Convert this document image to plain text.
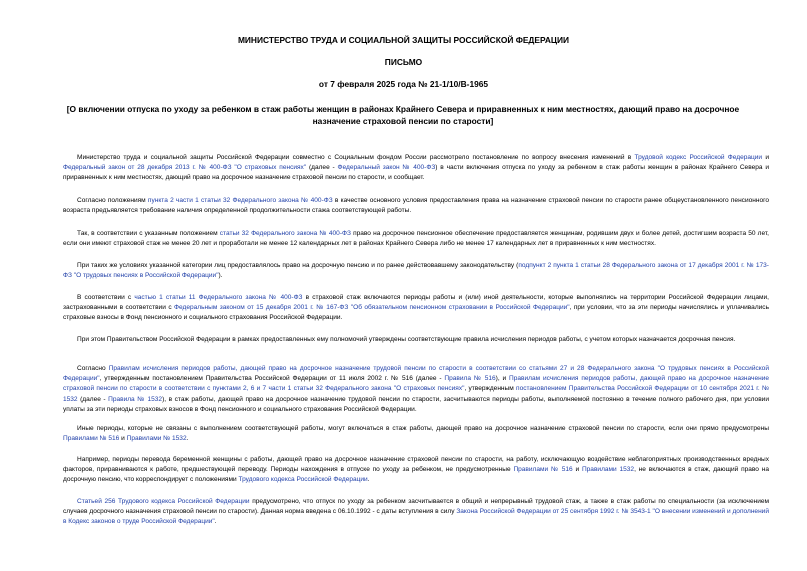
МИНИСТЕРСТВО ТРУДА И СОЦИАЛЬНОЙ ЗАЩИТЫ РОССИЙСКОЙ ФЕДЕРАЦИИ
ПИСЬМО
от 7 февраля 2025 года № 21-1/10/В-1965
[О включении отпуска по уходу за ребенком в стаж работы женщин в районах Крайнего Севера и приравненных к ним местностях, дающий право на досрочное назначение страховой пенсии по старости]

Министерство труда и социальной защиты Российской Федерации совместно с Социальным фондом России рассмотрело постановление по вопросу внесения изменений в Трудовой кодекс Российской Федерации и Федеральный закон от 28 декабря 2013 г. № 400-ФЗ "О страховых пенсиях" (далее - Федеральный закон № 400-ФЗ) в части включения отпуска по уходу за ребенком в стаж работы женщин в районах Крайнего Севера и приравненных к ним местностях, дающий право на досрочное назначение страховой пенсии по старости, и сообщает.

Согласно положениям пункта 2 части 1 статьи 32 Федерального закона № 400-ФЗ в качестве основного условия предоставления права на назначение страховой пенсии по старости ранее общеустановленного пенсионного возраста предъявляется требование наличия определенной продолжительности стажа соответствующей работы.

Так, в соответствии с указанным положением статьи 32 Федерального закона № 400-ФЗ право на досрочное пенсионное обеспечение предоставляется женщинам, родившим двух и более детей, достигшим возраста 50 лет, если они имеют страховой стаж не менее 20 лет и проработали не менее 12 календарных лет в районах Крайнего Севера либо не менее 17 календарных лет в приравненных к ним местностях.

При таких же условиях указанной категории лиц предоставлялось право на досрочную пенсию и по ранее действовавшему законодательству (подпункт 2 пункта 1 статьи 28 Федерального закона от 17 декабря 2001 г. № 173-ФЗ "О трудовых пенсиях в Российской Федерации").

В соответствии с частью 1 статьи 11 Федерального закона № 400-ФЗ в страховой стаж включаются периоды работы и (или) иной деятельности, которые выполнялись на территории Российской Федерации лицами, застрахованными в соответствии с Федеральным законом от 15 декабря 2001 г. № 167-ФЗ "Об обязательном пенсионном страховании в Российской Федерации", при условии, что за эти периоды начислялись и уплачивались страховые взносы в Фонд пенсионного и социального страхования Российской Федерации.

При этом Правительством Российской Федерации в рамках предоставленных ему полномочий утверждены соответствующие правила исчисления периодов работы, с учетом которых назначается досрочная пенсия.

Согласно Правилам исчисления периодов работы, дающей право на досрочное назначение трудовой пенсии по старости в соответствии со статьями 27 и 28 Федерального закона "О трудовых пенсиях в Российской Федерации", утвержденным постановлением Правительства Российской Федерации от 11 июля 2002 г. № 516 (далее - Правила № 516), и Правилам исчисления периодов работы, дающей право на досрочное назначение страховой пенсии по старости в соответствии с пунктами 2, 6 и 7 части 1 статьи 32 Федерального закона "О страховых пенсиях", утвержденным постановлением Правительства Российской Федерации от 10 сентября 2021 г. № 1532 (далее - Правила № 1532), в стаж работы, дающей право на досрочное назначение трудовой пенсии по старости, засчитываются периоды работы, выполняемой постоянно в течение полного рабочего дня, при условии уплаты за эти периоды страховых взносов в Фонд пенсионного и социального страхования Российской Федерации.

Иные периоды, которые не связаны с выполнением соответствующей работы, могут включаться в стаж работы, дающей право на досрочное назначение страховой пенсии по старости, если они прямо предусмотрены Правилами № 516 и Правилами № 1532.

Например, периоды перевода беременной женщины с работы, дающей право на досрочное назначение страховой пенсии по старости, на работу, исключающую воздействие неблагоприятных производственных вредных факторов, приравниваются к работе, предшествующей переводу. Периоды нахождения в отпуске по уходу за ребенком, не предусмотренные Правилами № 516 и Правилами 1532, не включаются в стаж, дающий право на досрочную пенсию, что корреспондирует с положениями Трудового кодекса Российской Федерации.

Статьей 256 Трудового кодекса Российской Федерации предусмотрено, что отпуск по уходу за ребенком засчитывается в общий и непрерывный трудовой стаж, а также в стаж работы по специальности (за исключением случаев досрочного назначения страховой пенсии по старости). Данная норма введена с 06.10.1992 - с даты вступления в силу Закона Российской Федерации от 25 сентября 1992 г. № 3543-1 "О внесении изменений и дополнений в Кодекс законов о труде Российской Федерации".
